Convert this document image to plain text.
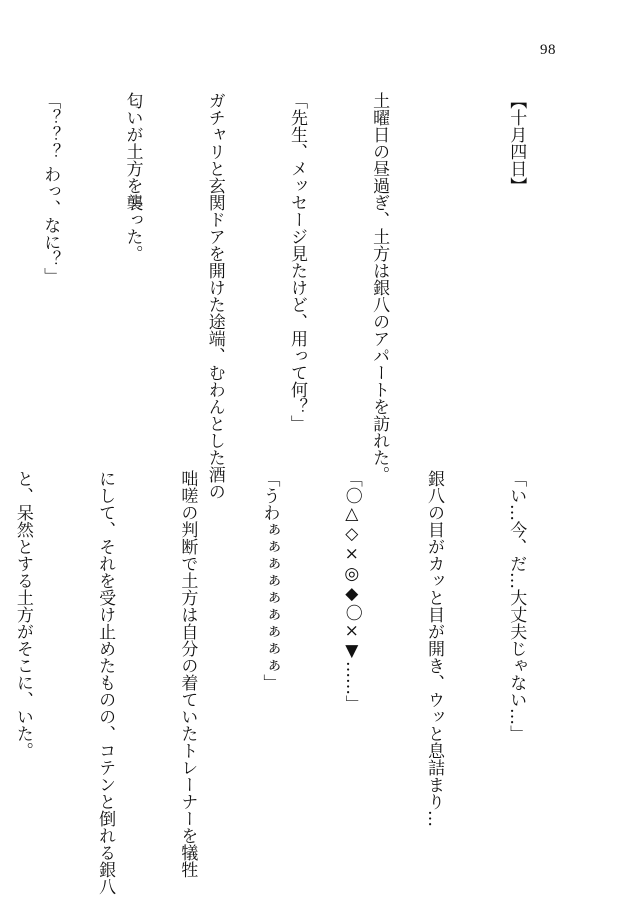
98

【十月四日】

土曜日の昼過ぎ、土方は銀八のアパートを訪れた。

「先生、メッセージ見たけど、用って何？」

ガチャリと玄関ドアを開けた途端、むわんとした酒の

匂いが土方を襲った。

「？？？ わっ、なに？」

「い…今、だ…大丈夫じゃない…」

銀八の目がカッと目が開き、ウッと息詰まり…

「〇△◇×◎◆〇×▼……」

「うわぁぁぁぁぁぁぁぁぁ」

咄嗟の判断で土方は自分の着ていたトレーナーを犠牲

にして、それを受け止めたものの、コテンと倒れる銀八

と、呆然とする土方がそこに、いた。
